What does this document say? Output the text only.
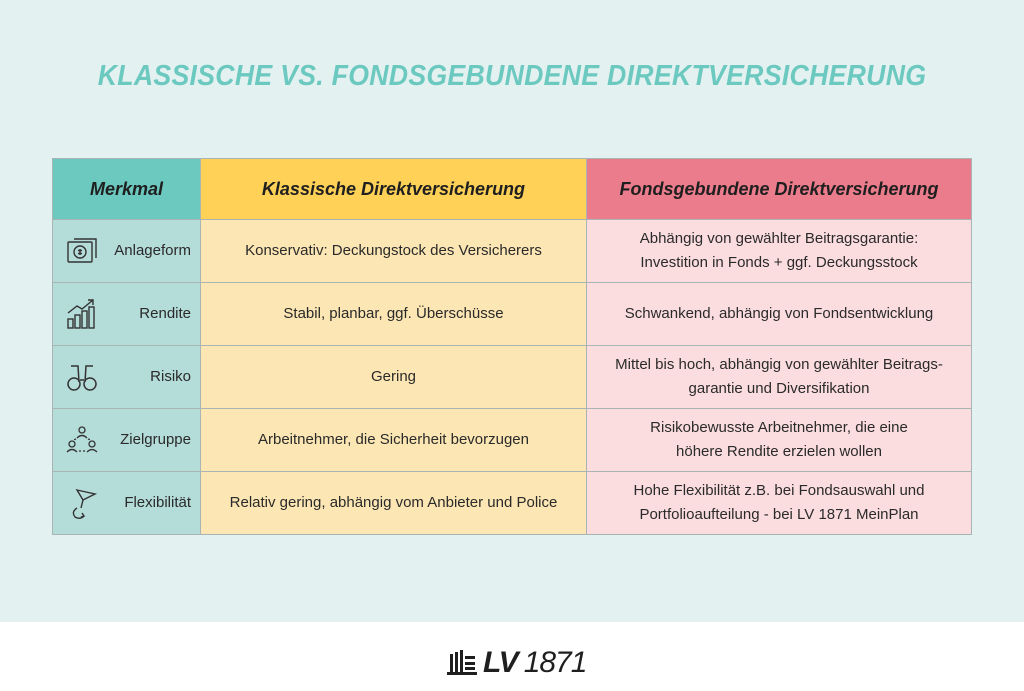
KLASSISCHE VS. FONDSGEBUNDENE DIREKTVERSICHERUNG
Merkmal	Klassische Direktversicherung	Fondsgebundene Direktversicherung

Anlageform	Konservativ: Deckungstock des Versicherers	Abhängig von gewählter Beitragsgarantie:
Investition in Fonds + ggf. Deckungsstock

Rendite	Stabil, planbar, ggf. Überschüsse	Schwankend, abhängig von Fondsentwicklung

Risiko	Gering	Mittel bis hoch, abhängig von gewählter Beitrags-
garantie und Diversifikation

Zielgruppe	Arbeitnehmer, die Sicherheit bevorzugen	Risikobewusste Arbeitnehmer, die eine
höhere Rendite erzielen wollen

Flexibilität	Relativ gering, abhängig vom Anbieter und Police	Hohe Flexibilität z.B. bei Fondsauswahl und
Portfolioaufteilung - bei LV 1871 MeinPlan
LV 1871
